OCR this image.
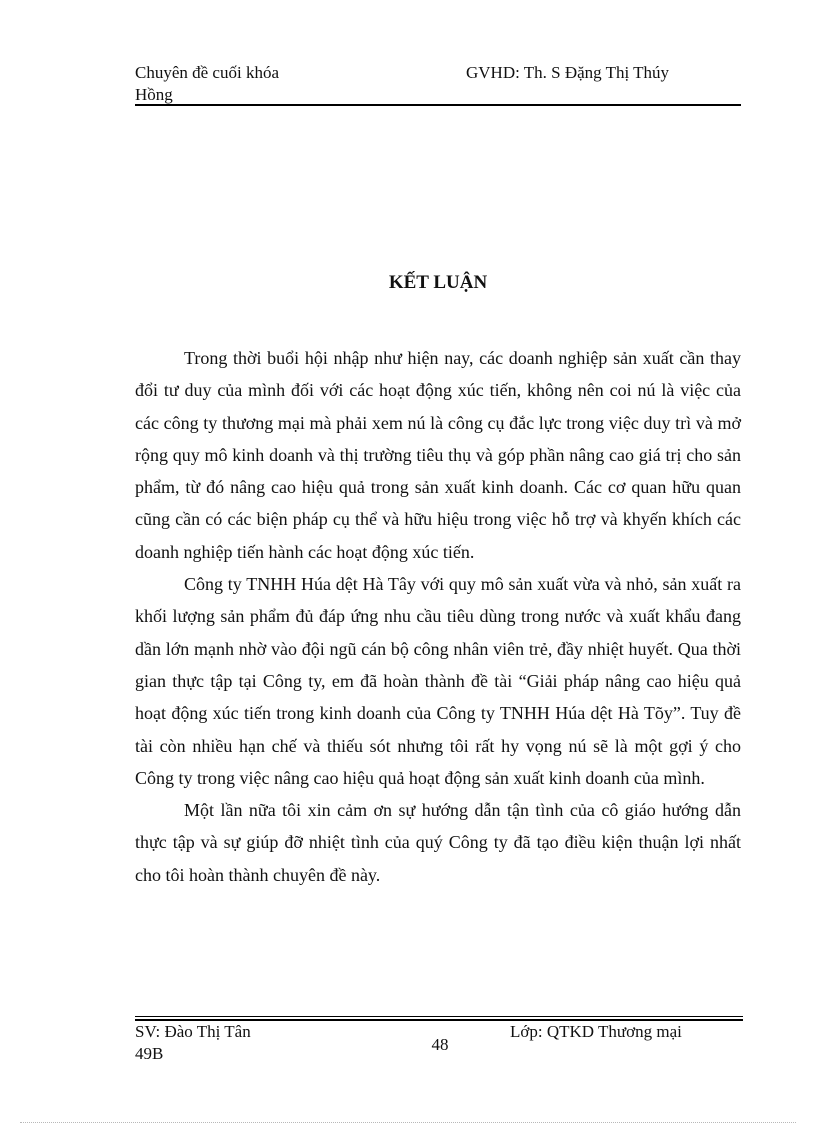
Chuyên đề cuối khóa
Hồng
GVHD: Th. S Đặng Thị Thúy
KẾT LUẬN

Trong thời buổi hội nhập như hiện nay, các doanh nghiệp sản xuất cần thay đổi tư duy của mình đối với các hoạt động xúc tiến, không nên coi nú là việc của các công ty thương mại mà phải xem nú là công cụ đắc lực trong việc duy trì và mở rộng quy mô kinh doanh và thị trường tiêu thụ và góp phần nâng cao giá trị cho sản phẩm, từ đó nâng cao hiệu quả trong sản xuất kinh doanh. Các cơ quan hữu quan cũng cần có các biện pháp cụ thể và hữu hiệu trong việc hỗ trợ và khyến khích các doanh nghiệp tiến hành các hoạt động xúc tiến.

Công ty TNHH Húa dệt Hà Tây với quy mô sản xuất vừa và nhỏ, sản xuất ra khối lượng sản phẩm đủ đáp ứng nhu cầu tiêu dùng trong nước và xuất khẩu đang dần lớn mạnh nhờ vào đội ngũ cán bộ công nhân viên trẻ, đầy nhiệt huyết. Qua thời gian thực tập tại Công ty, em đã hoàn thành đề tài “Giải pháp nâng cao hiệu quả hoạt động xúc tiến trong kinh doanh của Công ty TNHH Húa dệt Hà Tõy”. Tuy đề tài còn nhiều hạn chế và thiếu sót nhưng tôi rất hy vọng nú sẽ là một gợi ý cho Công ty trong việc nâng cao hiệu quả hoạt động sản xuất kinh doanh của mình.

Một lần nữa tôi xin cảm ơn sự hướng dẫn tận tình của cô giáo hướng dẫn thực tập và sự giúp đỡ nhiệt tình của quý Công ty đã tạo điều kiện thuận lợi nhất cho tôi hoàn thành chuyên đề này.

SV: Đào Thị Tân
49B	48
Lớp: QTKD Thương mại
